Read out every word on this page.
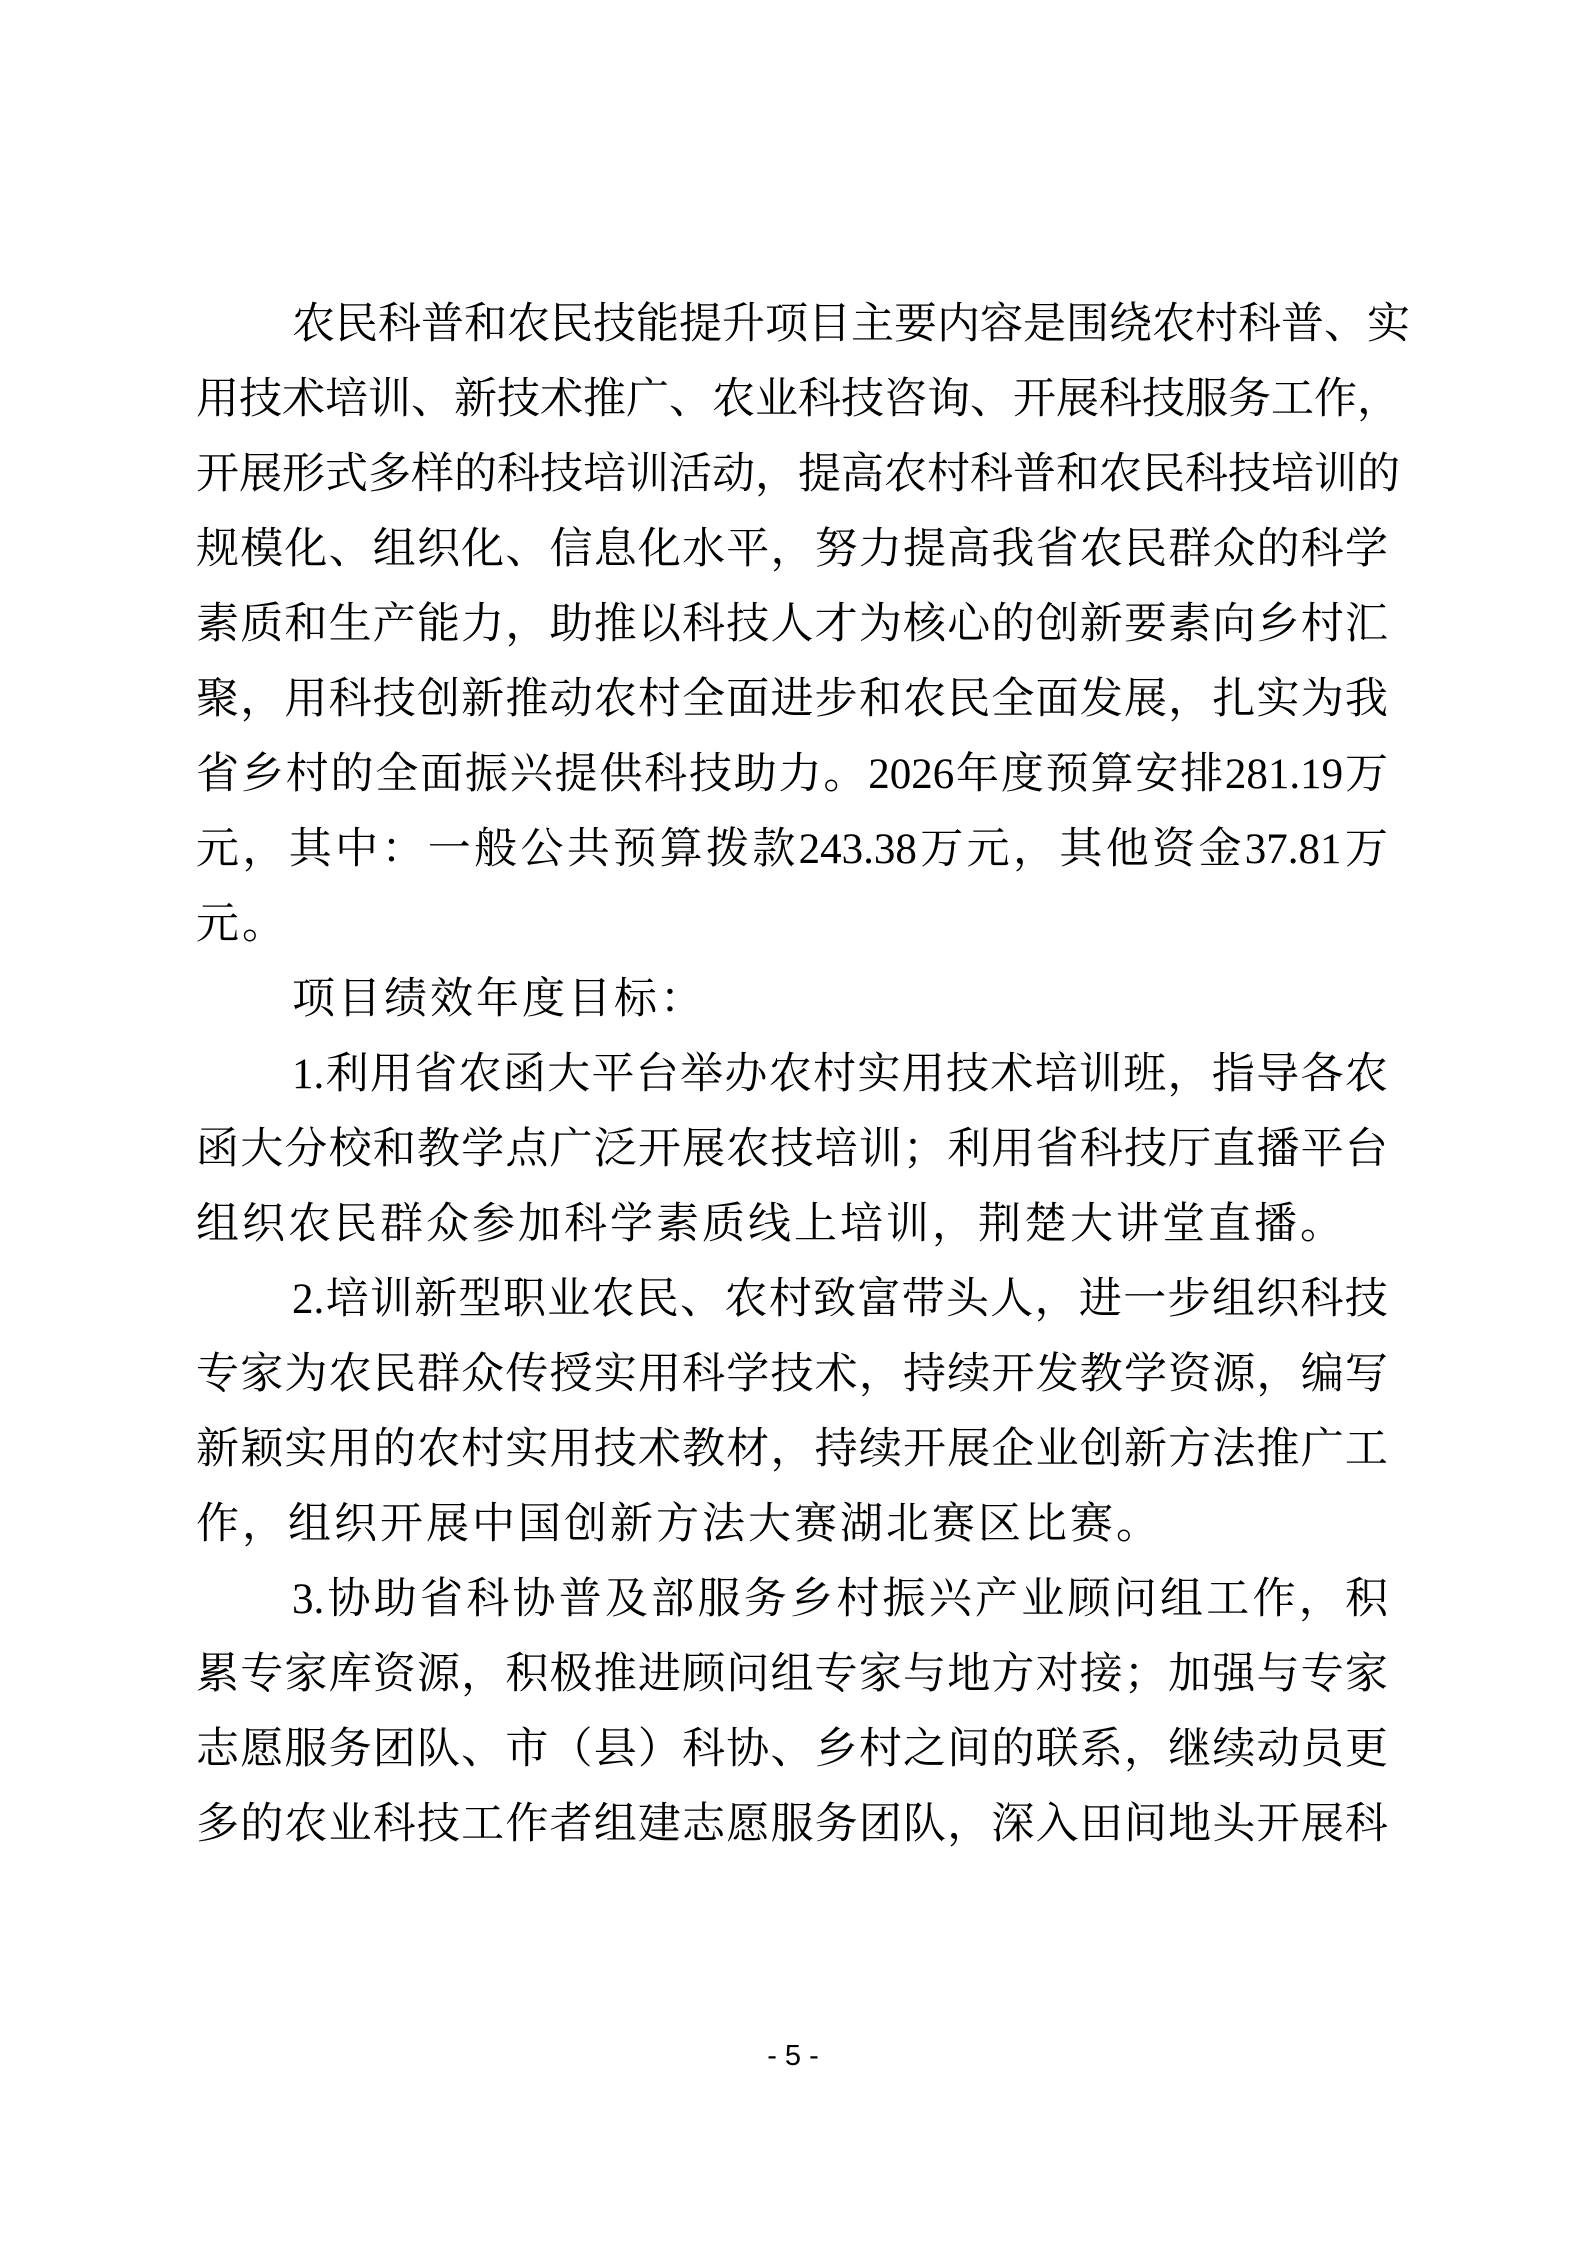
农 民 科 普 和 农 民 技 能 提 升 项 目 主 要 内 容 是 围 绕 农 村 科 普 、 实
用 技 术 培 训 、 新 技 术 推 广 、 农 业 科 技 咨 询 、 开 展 科 技 服 务 工 作 ，
开 展 形 式 多 样 的 科 技 培 训 活 动 ， 提 高 农 村 科 普 和 农 民 科 技 培 训 的
规 模 化 、 组 织 化 、 信 息 化 水 平 ， 努 力 提 高 我 省 农 民 群 众 的 科 学
素 质 和 生 产 能 力 ， 助 推 以 科 技 人 才 为 核 心 的 创 新 要 素 向 乡 村 汇
聚 ， 用 科 技 创 新 推 动 农 村 全 面 进 步 和 农 民 全 面 发 展 ， 扎 实 为 我
省 乡 村 的 全 面 振 兴 提 供 科 技 助 力 。 2026 年 度 预 算 安 排 281.19 万
元 ， 其 中 ： 一 般 公 共 预 算 拨 款 243.38 万 元 ， 其 他 资 金 37.81 万
元。
项目绩效年度目标：
1. 利 用 省 农 函 大 平 台 举 办 农 村 实 用 技 术 培 训 班 ， 指 导 各 农
函 大 分 校 和 教 学 点 广 泛 开 展 农 技 培 训 ； 利 用 省 科 技 厅 直 播 平 台
组织农民群众参加科学素质线上培训，荆楚大讲堂直播。
2. 培 训 新 型 职 业 农 民 、 农 村 致 富 带 头 人 ， 进 一 步 组 织 科 技
专 家 为 农 民 群 众 传 授 实 用 科 学 技 术 ， 持 续 开 发 教 学 资 源 ， 编 写
新 颖 实 用 的 农 村 实 用 技 术 教 材 ， 持 续 开 展 企 业 创 新 方 法 推 广 工
作，组织开展中国创新方法大赛湖北赛区比赛。
3. 协 助 省 科 协 普 及 部 服 务 乡 村 振 兴 产 业 顾 问 组 工 作 ， 积
累 专 家 库 资 源 ， 积 极 推 进 顾 问 组 专 家 与 地 方 对 接 ； 加 强 与 专 家
志 愿 服 务 团 队 、 市 （ 县 ） 科 协 、 乡 村 之 间 的 联 系 ， 继 续 动 员 更
多 的 农 业 科 技 工 作 者 组 建 志 愿 服 务 团 队 ， 深 入 田 间 地 头 开 展 科
- 5 -
